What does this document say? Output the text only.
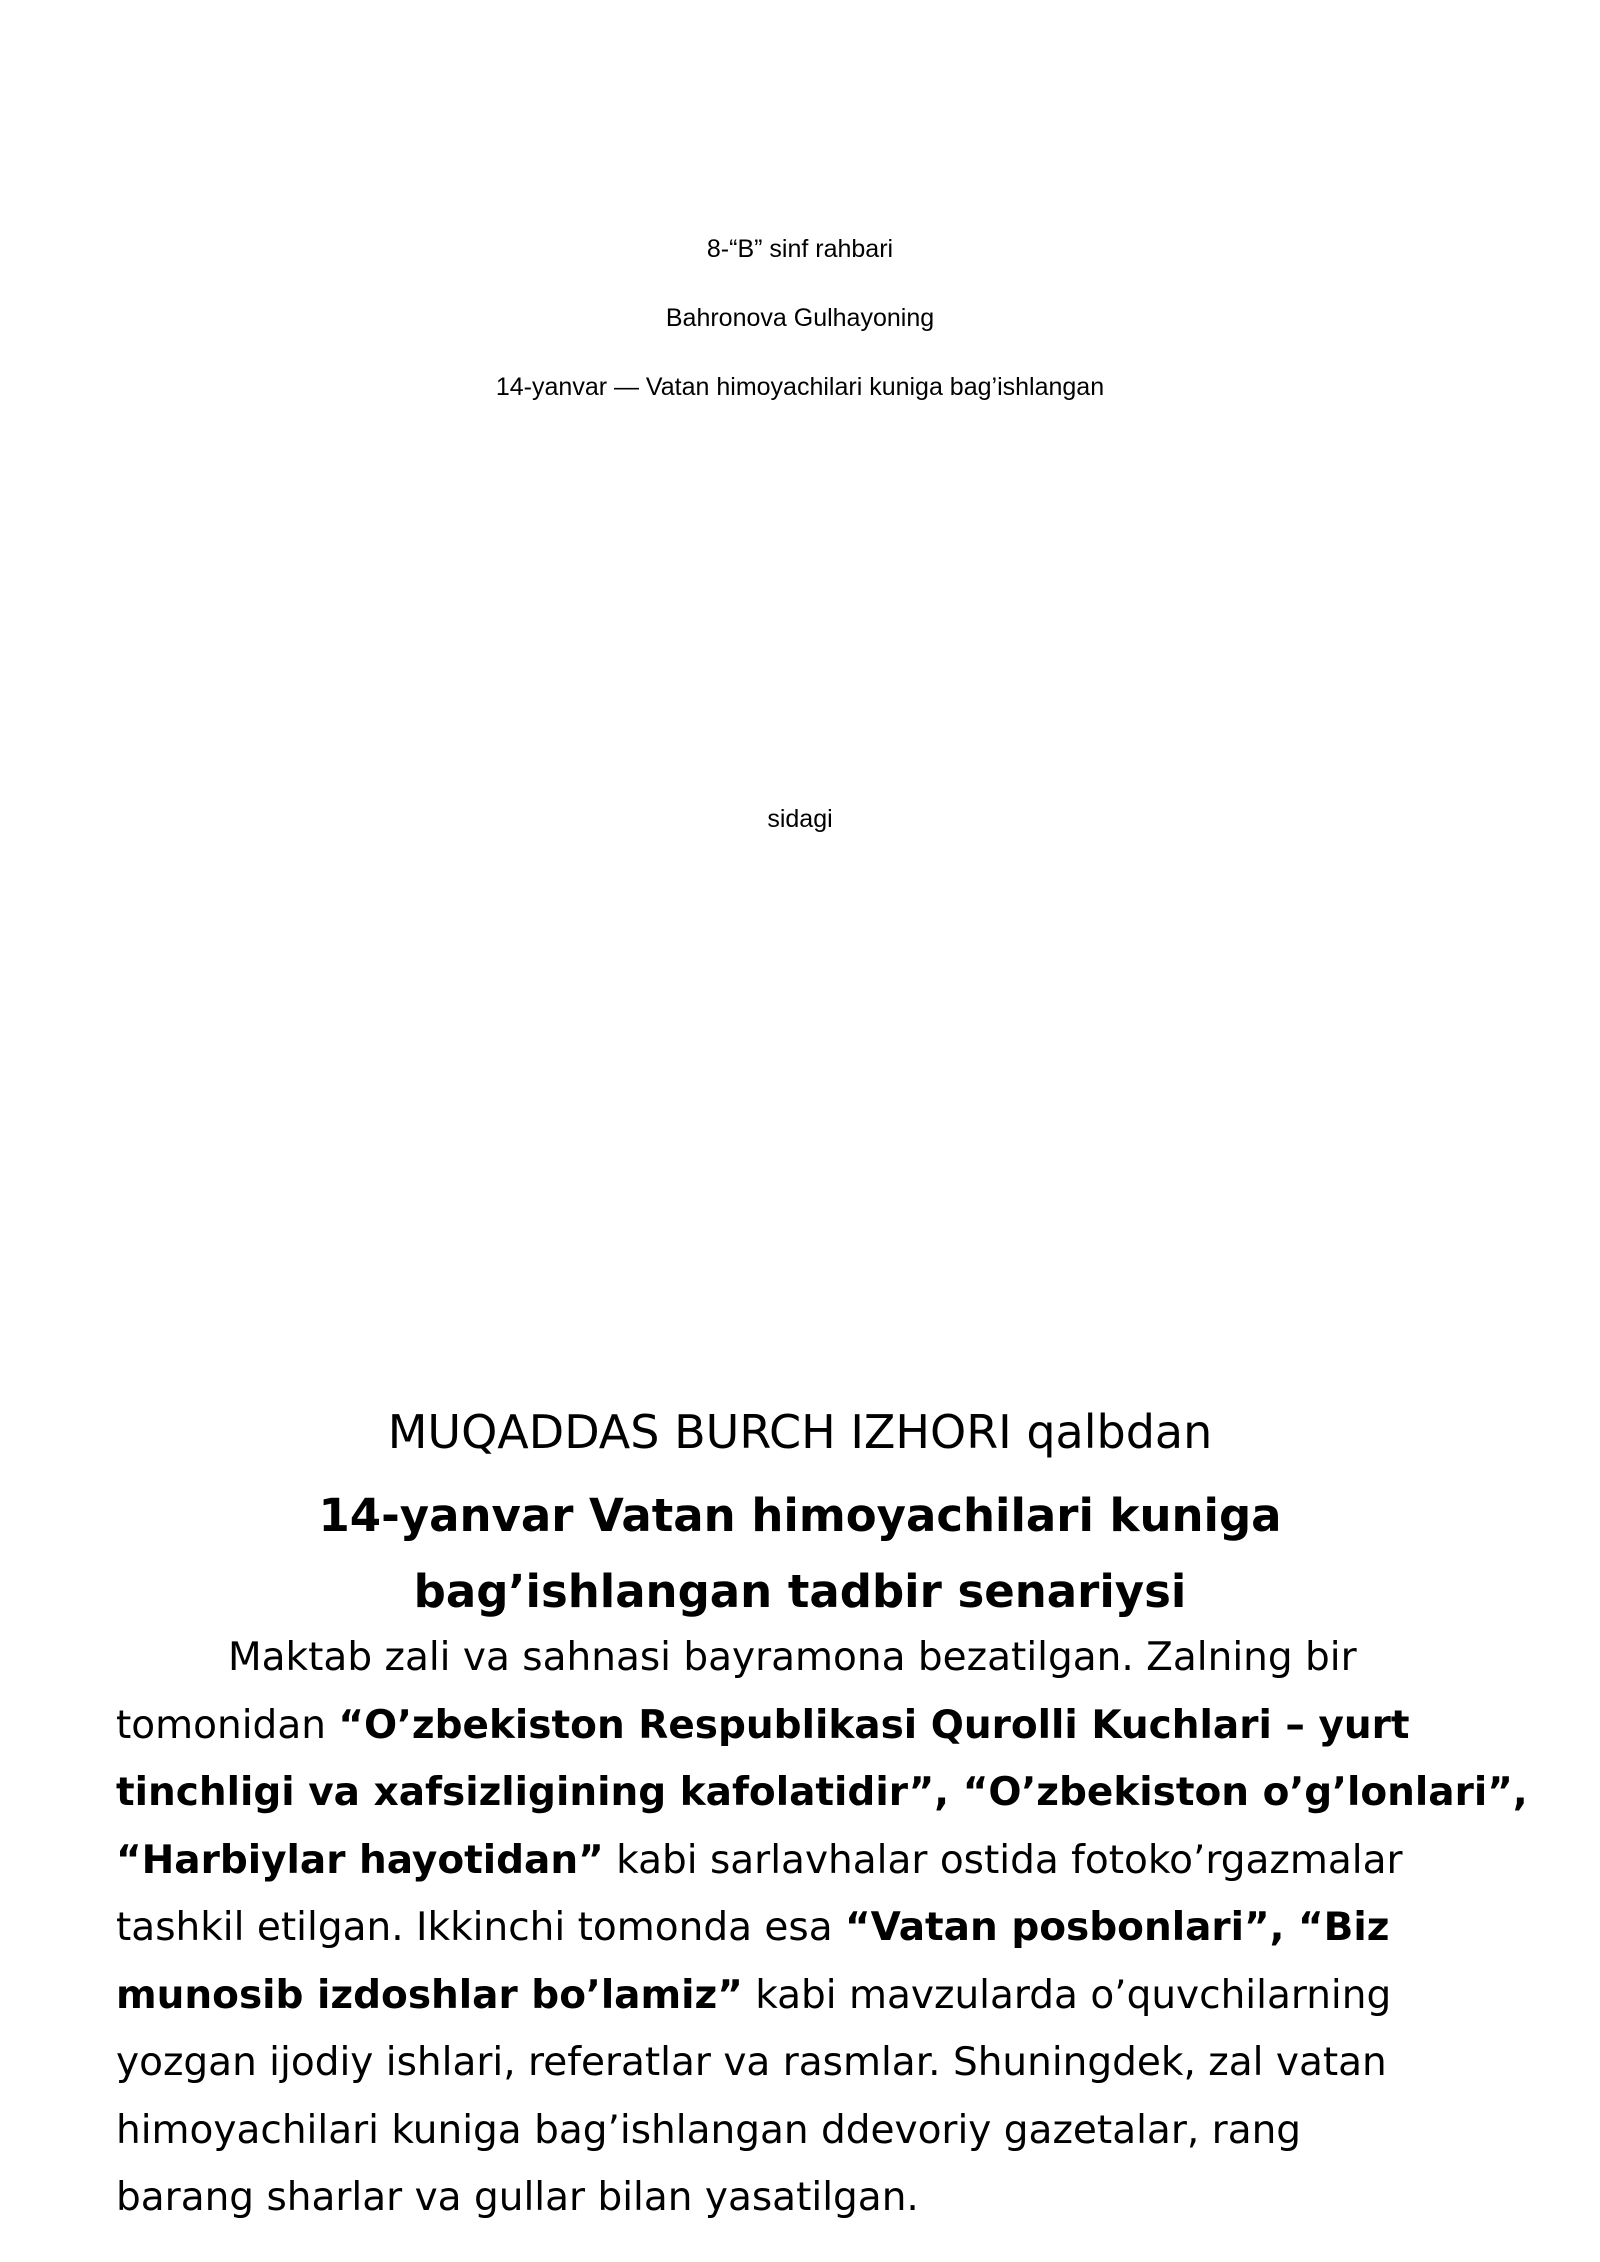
8-“B” sinf rahbari

Bahronova Gulhayoning

14-yanvar — Vatan himoyachilari kuniga bag’ishlangan

sidagi

MUQADDAS BURCH IZHORI qalbdan
14-yanvar Vatan himoyachilari kuniga
bag’ishlangan tadbir senariysi
Maktab zali va sahnasi bayramona bezatilgan. Zalning bir
tomonidan “O’zbekiston Respublikasi Qurolli Kuchlari – yurt
tinchligi va xafsizligining kafolatidir”, “O’zbekiston o’g’lonlari”,
“Harbiylar hayotidan” kabi sarlavhalar ostida fotoko’rgazmalar
tashkil etilgan. Ikkinchi tomonda esa “Vatan posbonlari”, “Biz
munosib izdoshlar bo’lamiz” kabi mavzularda o’quvchilarning
yozgan ijodiy ishlari, referatlar va rasmlar. Shuningdek, zal vatan
himoyachilari kuniga bag’ishlangan ddevoriy gazetalar, rang
barang sharlar va gullar bilan yasatilgan.
